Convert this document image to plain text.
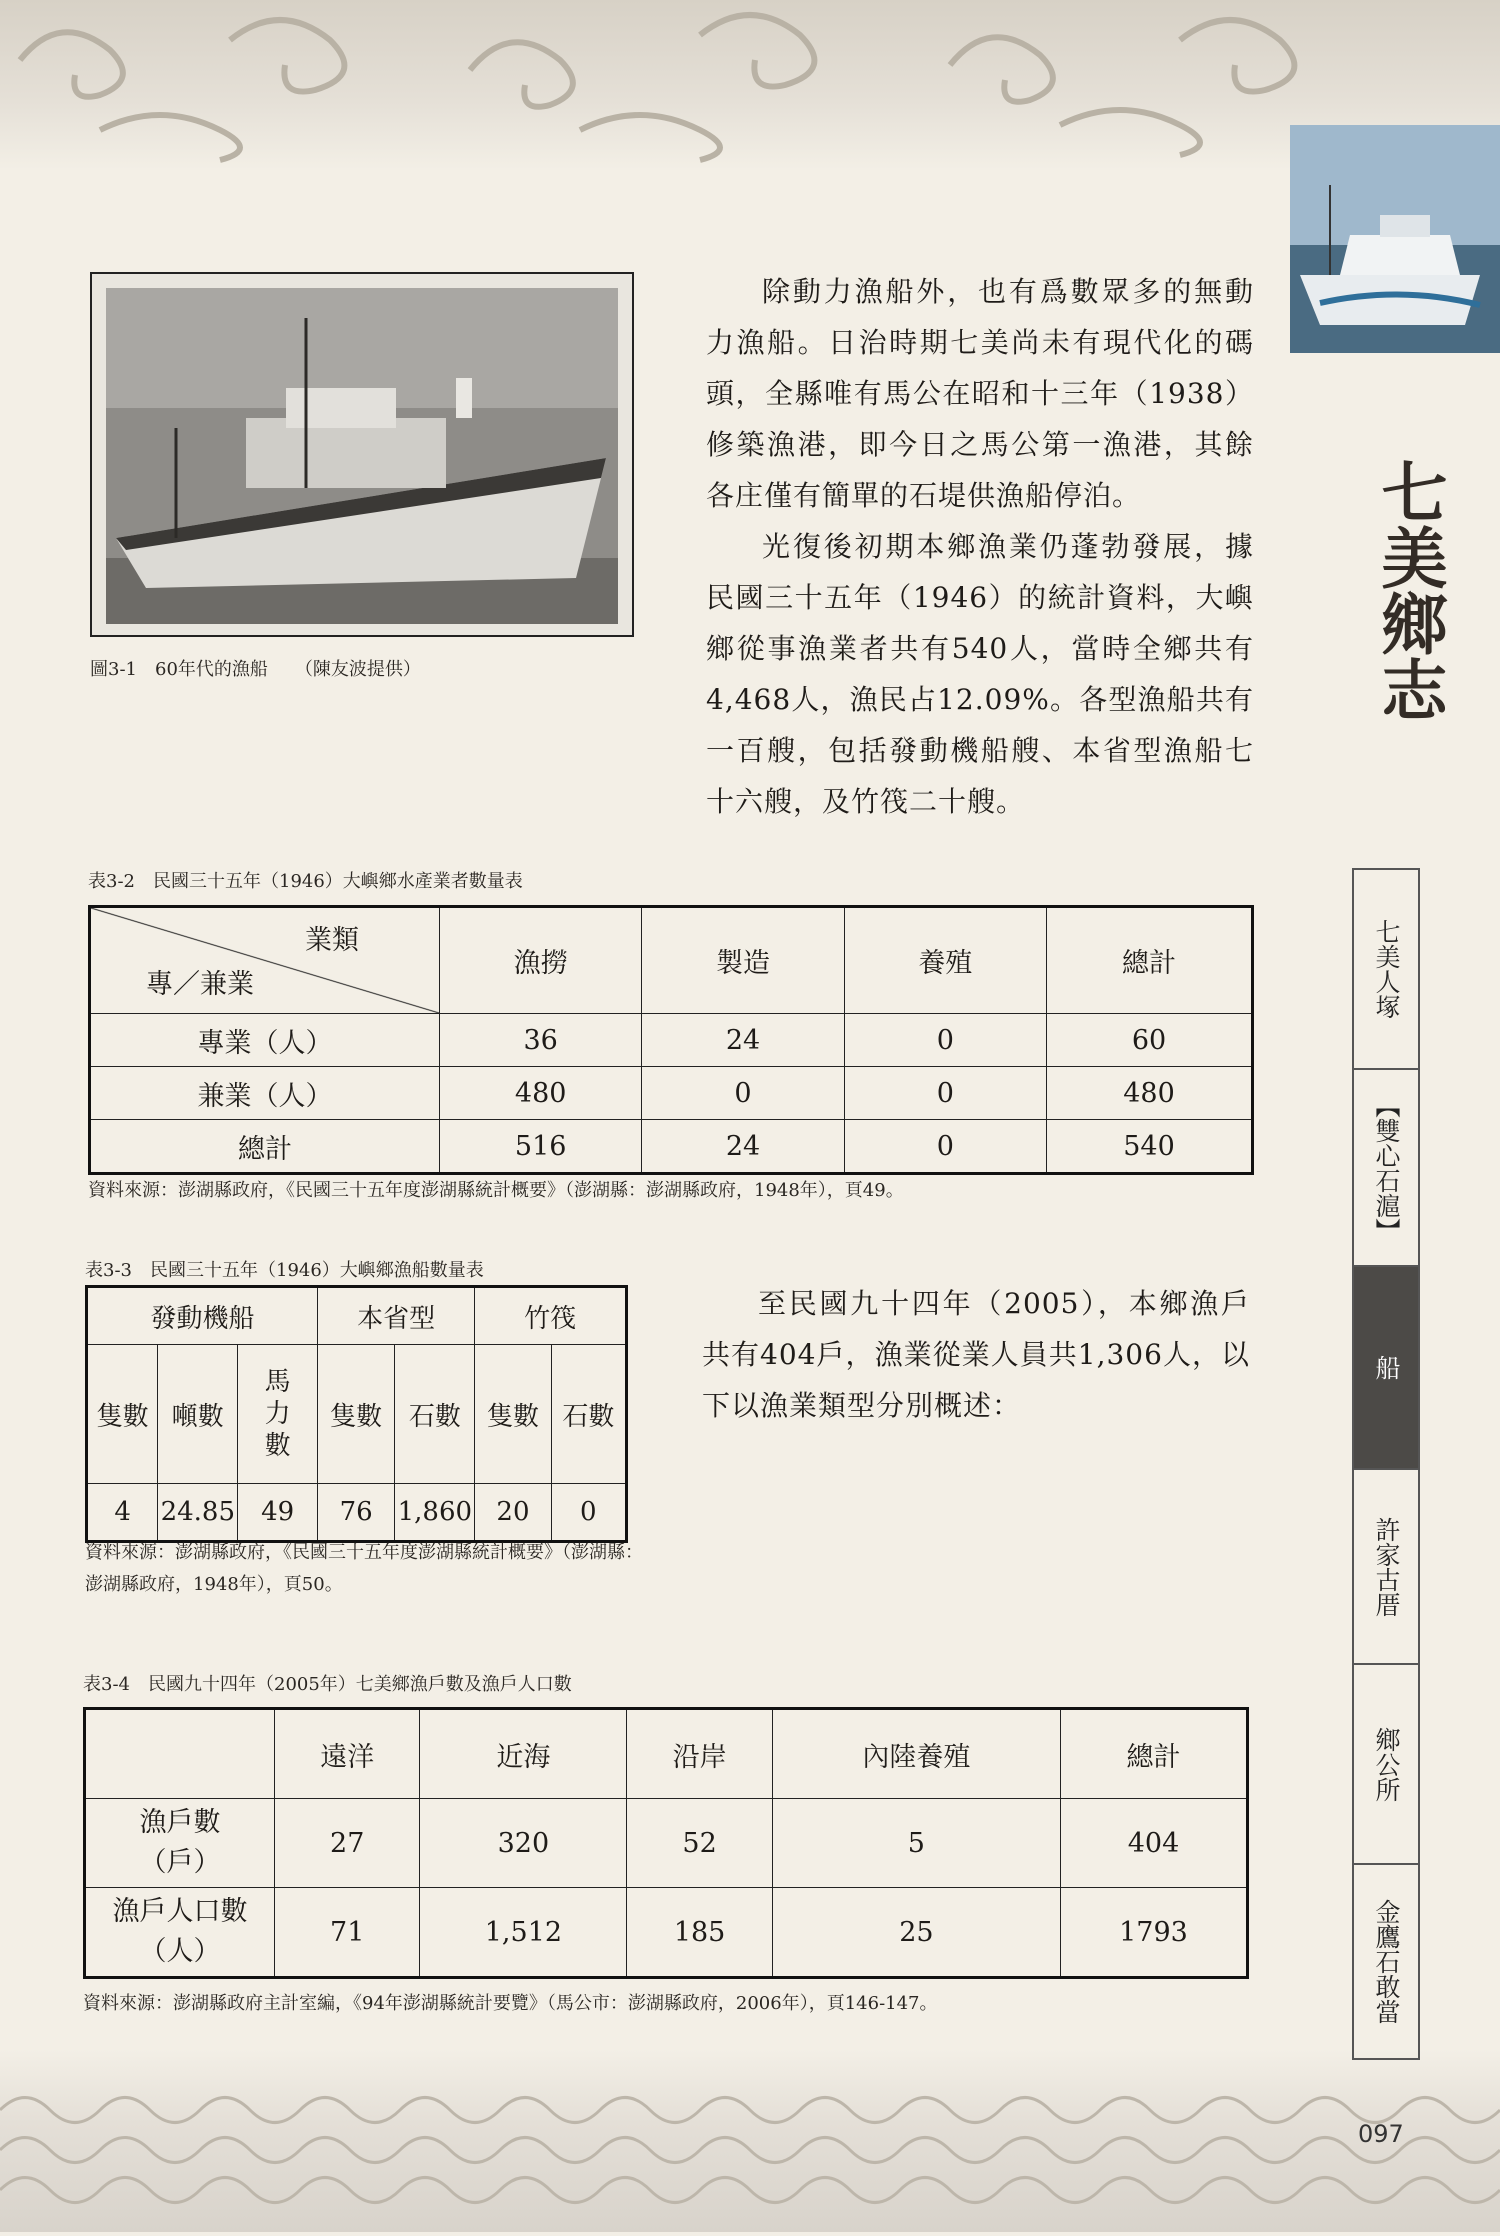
圖3-1　60年代的漁船　　（陳友波提供）

除動力漁船外，也有爲數眾多的無動力漁船。日治時期七美尚未有現代化的碼頭，全縣唯有馬公在昭和十三年（1938）修築漁港，即今日之馬公第一漁港，其餘各庄僅有簡單的石堤供漁船停泊。

光復後初期本鄉漁業仍蓬勃發展，據民國三十五年（1946）的統計資料，大嶼鄉從事漁業者共有540人，當時全鄉共有4,468人，漁民占12.09%。各型漁船共有一百艘，包括發動機船艘、本省型漁船七十六艘，及竹筏二十艘。

表3-2　民國三十五年（1946）大嶼鄉水產業者數量表
業類
專／兼業	漁撈	製造	養殖	總計
專業（人）	36	24	0	60
兼業（人）	480	0	0	480
總計	516	24	0	540
資料來源：澎湖縣政府，《民國三十五年度澎湖縣統計概要》（澎湖縣：澎湖縣政府，1948年），頁49。
表3-3　民國三十五年（1946）大嶼鄉漁船數量表
發動機船			本省型		竹筏	
隻數	噸數	馬力數	隻數	石數	隻數	石數
4	24.85	49	76	1,860	20	0
資料來源：澎湖縣政府，《民國三十五年度澎湖縣統計概要》（澎湖縣：澎湖縣政府，1948年），頁50。

至民國九十四年（2005），本鄉漁戶共有404戶，漁業從業人員共1,306人，以下以漁業類型分別概述：

表3-4　民國九十四年（2005年）七美鄉漁戶數及漁戶人口數
	遠洋	近海	沿岸	內陸養殖	總計
漁戶數（戶）	27	320	52	5	404
漁戶人口數（人）	71	1,512	185	25	1793
資料來源：澎湖縣政府主計室編，《94年澎湖縣統計要覽》（馬公市：澎湖縣政府，2006年），頁146-147。
七美鄉志
七美人塚
【雙心石滬】
船
許家古厝
鄉公所
金鷹石敢當
097
